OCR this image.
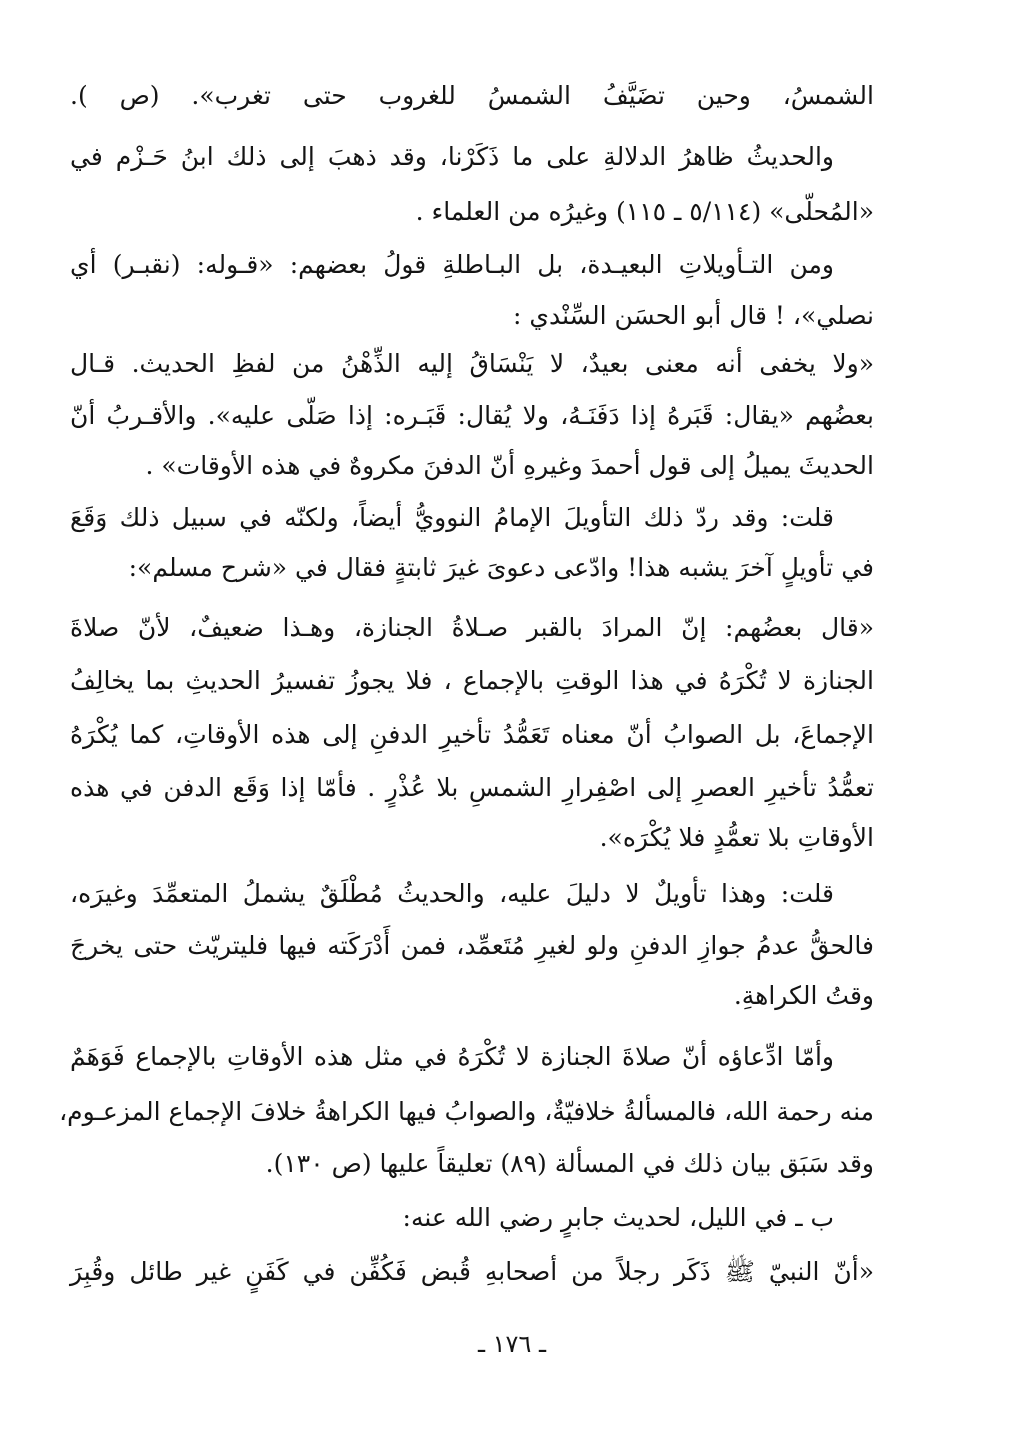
الشمسُ، وحين تضَيَّفُ الشمسُ للغروب حتى تغرب». (ص ).
والحديثُ ظاهرُ الدلالةِ على ما ذَكَرْنا، وقد ذهبَ إلى ذلك ابنُ حَـزْم في
«المُحلّى» (٥/١١٤ ـ ١١٥) وغيرُه من العلماء .
ومن التـأويلاتِ البعيـدة، بل البـاطلةِ قولُ بعضهم: «قـوله: (نقبـر) أي
نصلي»، ! قال أبو الحسَن السِّنْدي :
«ولا يخفى أنه معنى بعيدٌ، لا يَنْسَاقُ إليه الذِّهْنُ من لفظِ الحديث. قـال
بعضُهم «يقال: قَبَرهُ إذا دَفَنَـهُ، ولا يُقال: قَبَـره: إذا صَلّى عليه». والأقـربُ أنّ
الحديثَ يميلُ إلى قول أحمدَ وغيرهِ أنّ الدفنَ مكروهٌ في هذه الأوقات» .
قلت: وقد ردّ ذلك التأويلَ الإمامُ النوويُّ أيضاً، ولكنّه في سبيل ذلك وَقَعَ
في تأويلٍ آخرَ يشبه هذا! وادّعى دعوىَ غيرَ ثابتةٍ فقال في «شرح مسلم»:
«قال بعضُهم: إنّ المرادَ بالقبر صـلاةُ الجنازة، وهـذا ضعيفٌ، لأنّ صلاةَ
الجنازة لا تُكْرَهُ في هذا الوقتِ بالإجماع ، فلا يجوزُ تفسيرُ الحديثِ بما يخالِفُ
الإجماعَ، بل الصوابُ أنّ معناه تَعَمُّدُ تأخيرِ الدفنِ إلى هذه الأوقاتِ، كما يُكْرَهُ
تعمُّدُ تأخيرِ العصرِ إلى اصْفِرارِ الشمسِ بلا عُذْرٍ . فأمّا إذا وَقَع الدفن في هذه
الأوقاتِ بلا تعمُّدٍ فلا يُكْرَه».
قلت: وهذا تأويلٌ لا دليلَ عليه، والحديثُ مُطْلَقٌ يشملُ المتعمِّدَ وغيرَه،
فالحقُّ عدمُ جوازِ الدفنِ ولو لغيرِ مُتَعمِّد، فمن أَدْرَكَته فيها فليتريّث حتى يخرجَ
وقتُ الكراهةِ.
وأمّا ادِّعاؤه أنّ صلاةَ الجنازة لا تُكْرَهُ في مثل هذه الأوقاتِ بالإجماع فَوَهَمٌ
منه رحمة الله، فالمسألةُ خلافيّةٌ، والصوابُ فيها الكراهةُ خلافَ الإجماع المزعـوم،
وقد سَبَق بيان ذلك في المسألة (٨٩) تعليقاً عليها (ص ١٣٠).
ب ـ في الليل، لحديث جابرٍ رضي الله عنه:
«أنّ النبيّ ﷺ ذَكَر رجلاً من أصحابهِ قُبض فَكُفِّن في كَفَنٍ غير طائل وقُبِرَ
ـ ١٧٦ ـ
